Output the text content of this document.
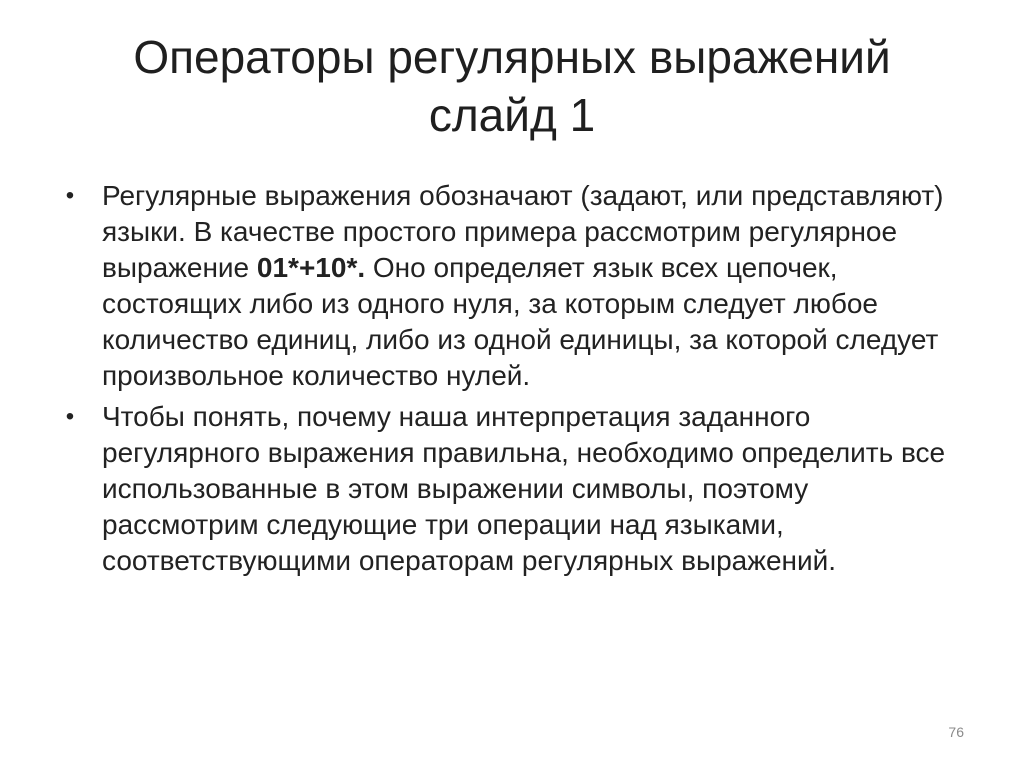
Операторы регулярных выражений
слайд 1
• Регулярные выражения обозначают (задают, или представляют) языки. В качестве простого примера рассмотрим регулярное выражение 01*+10*. Оно определяет язык всех цепочек, состоящих либо из одного нуля, за которым следует любое количество единиц, либо из одной единицы, за которой следует произвольное количество нулей.
• Чтобы понять, почему наша интерпретация заданного регулярного выражения правильна, необходимо определить все использованные в этом выражении символы, поэтому рассмотрим следующие три операции над языками, соответствующими операторам регулярных выражений.
76
